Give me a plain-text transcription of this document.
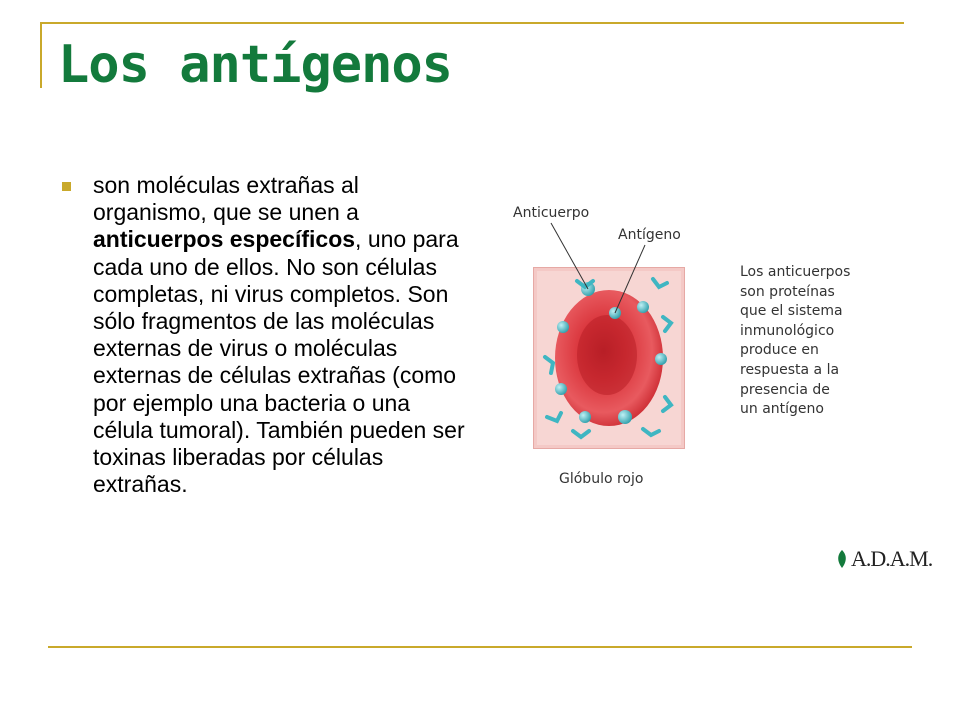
Los antígenos

son moléculas extrañas al organismo, que se unen a anticuerpos específicos, uno para cada uno de ellos. No son células completas, ni virus completos. Son sólo fragmentos de las moléculas externas de virus o moléculas externas de células extrañas (como por ejemplo una bacteria o una célula tumoral). También pueden ser toxinas liberadas por células extrañas.

Anticuerpo
Antígeno
Glóbulo rojo
Los anticuerpos
son proteínas
que el sistema
inmunológico
produce en
respuesta a la
presencia de
un antígeno
A.D.A.M.
